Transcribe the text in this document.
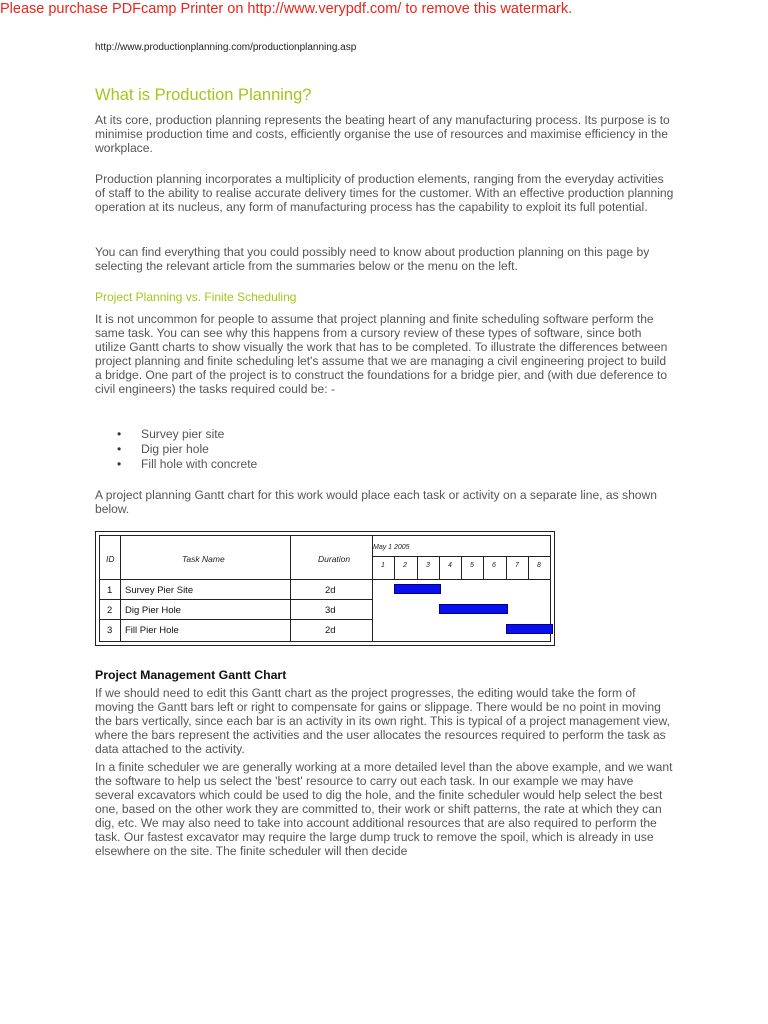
Please purchase PDFcamp Printer on http://www.verypdf.com/ to remove this watermark.
http://www.productionplanning.com/productionplanning.asp
What is Production Planning?

At its core, production planning represents the beating heart of any manufacturing process. Its purpose is to minimise production time and costs, efficiently organise the use of resources and maximise efficiency in the workplace.

Production planning incorporates a multiplicity of production elements, ranging from the everyday activities of staff to the ability to realise accurate delivery times for the customer. With an effective production planning operation at its nucleus, any form of manufacturing process has the capability to exploit its full potential.

You can find everything that you could possibly need to know about production planning on this page by selecting the relevant article from the summaries below or the menu on the left.

Project Planning vs. Finite Scheduling

It is not uncommon for people to assume that project planning and finite scheduling software perform the same task. You can see why this happens from a cursory review of these types of software, since both utilize Gantt charts to show visually the work that has to be completed. To illustrate the differences between project planning and finite scheduling let's assume that we are managing a civil engineering project to build a bridge. One part of the project is to construct the foundations for a bridge pier, and (with due deference to civil engineers) the tasks required could be: -

• Survey pier site
• Dig pier hole
• Fill hole with concrete

A project planning Gantt chart for this work would place each task or activity on a separate line, as shown below.

ID	Task Name	Duration
May 1 2005
1 Survey Pier Site	2d
2 Dig Pier Hole	3d
3 Fill Pier Hole	2d
1	2	3	4	5	6	7	8
Project Management Gantt Chart

If we should need to edit this Gantt chart as the project progresses, the editing would take the form of moving the Gantt bars left or right to compensate for gains or slippage. There would be no point in moving the bars vertically, since each bar is an activity in its own right. This is typical of a project management view, where the bars represent the activities and the user allocates the resources required to perform the task as data attached to the activity.

In a finite scheduler we are generally working at a more detailed level than the above example, and we want the software to help us select the 'best' resource to carry out each task. In our example we may have several excavators which could be used to dig the hole, and the finite scheduler would help select the best one, based on the other work they are committed to, their work or shift patterns, the rate at which they can dig, etc. We may also need to take into account additional resources that are also required to perform the task. Our fastest excavator may require the large dump truck to remove the spoil, which is already in use elsewhere on the site. The finite scheduler will then decide
